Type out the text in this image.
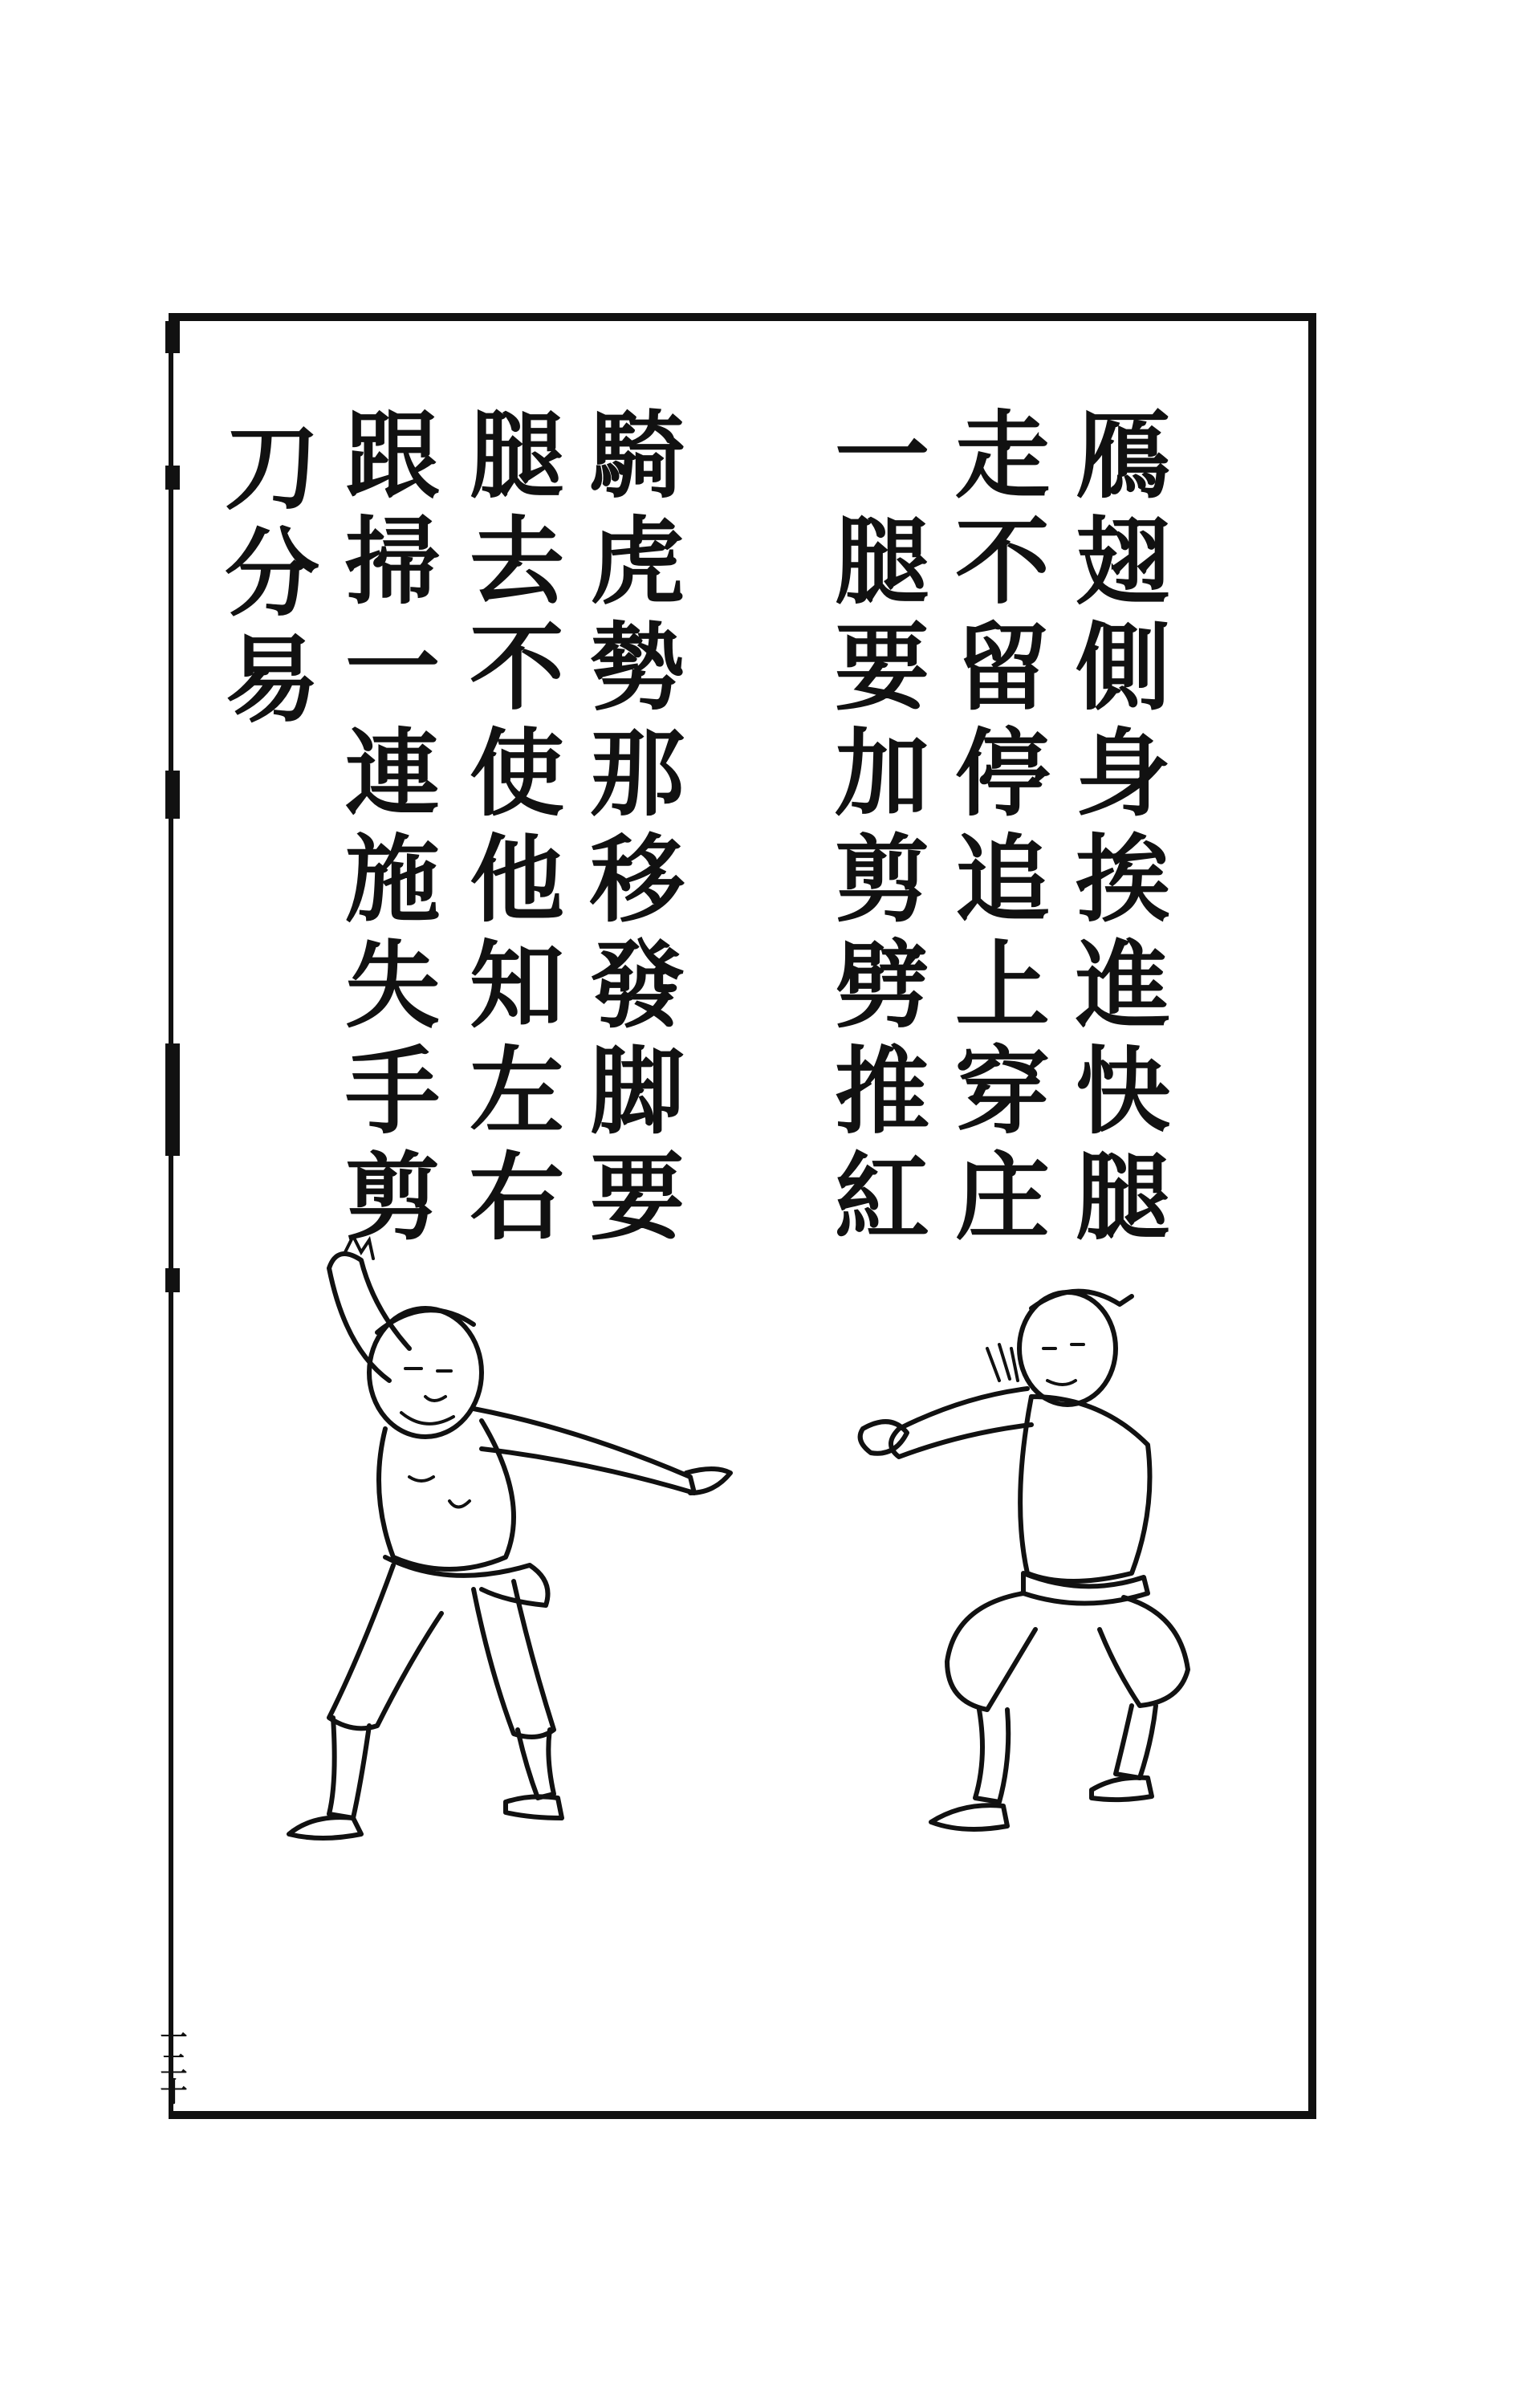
鴈翅側身挨進快腿
走不留停追上穿庄
一腿要加剪劈推紅
騎虎勢那移發脚要
腿去不使他知左右
跟掃一連施失手剪
刀分易
一二十
